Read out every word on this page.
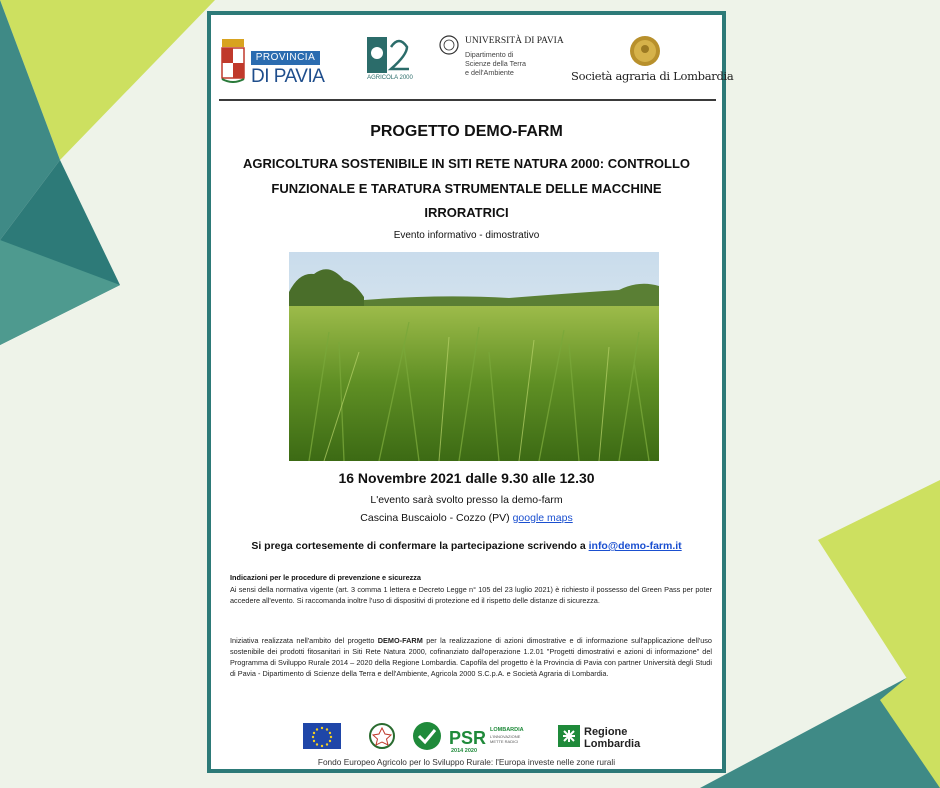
PROVINCIA
DI PAVIA	AGRICOLA 2000
UNIVERSITÀ DI PAVIA
Dipartimento di
Scienze della Terra
e dell'Ambiente	Società agraria di Lombardia
PROGETTO DEMO-FARM
AGRICOLTURA SOSTENIBILE IN SITI RETE NATURA 2000: CONTROLLO
FUNZIONALE E TARATURA STRUMENTALE DELLE MACCHINE
IRRORATRICI
Evento informativo - dimostrativo
16 Novembre 2021 dalle 9.30 alle 12.30
L'evento sarà svolto presso la demo-farm
Cascina Buscaiolo - Cozzo (PV) google maps
Si prega cortesemente di confermare la partecipazione scrivendo a info@demo-farm.it
Indicazioni per le procedure di prevenzione e sicurezza
Ai sensi della normativa vigente (art. 3 comma 1 lettera e Decreto Legge n° 105 del 23 luglio 2021) è richiesto il possesso del Green Pass per poter accedere all'evento. Si raccomanda inoltre l'uso di dispositivi di protezione ed il rispetto delle distanze di sicurezza.
Iniziativa realizzata nell'ambito del progetto DEMO-FARM per la realizzazione di azioni dimostrative e di informazione sull'applicazione dell'uso sostenibile dei prodotti fitosanitari in Siti Rete Natura 2000, cofinanziato dall'operazione 1.2.01 "Progetti dimostrativi e azioni di informazione" del Programma di Sviluppo Rurale 2014 – 2020 della Regione Lombardia. Capofila del progetto è la Provincia di Pavia con partner Università degli Studi di Pavia - Dipartimento di Scienze della Terra e dell'Ambiente, Agricola 2000 S.C.p.A. e Società Agraria di Lombardia.
PSR LOMBARDIA
L'INNOVAZIONE
METTE RADICI
2014 2020
Regione
Lombardia
Fondo Europeo Agricolo per lo Sviluppo Rurale: l'Europa investe nelle zone rurali
